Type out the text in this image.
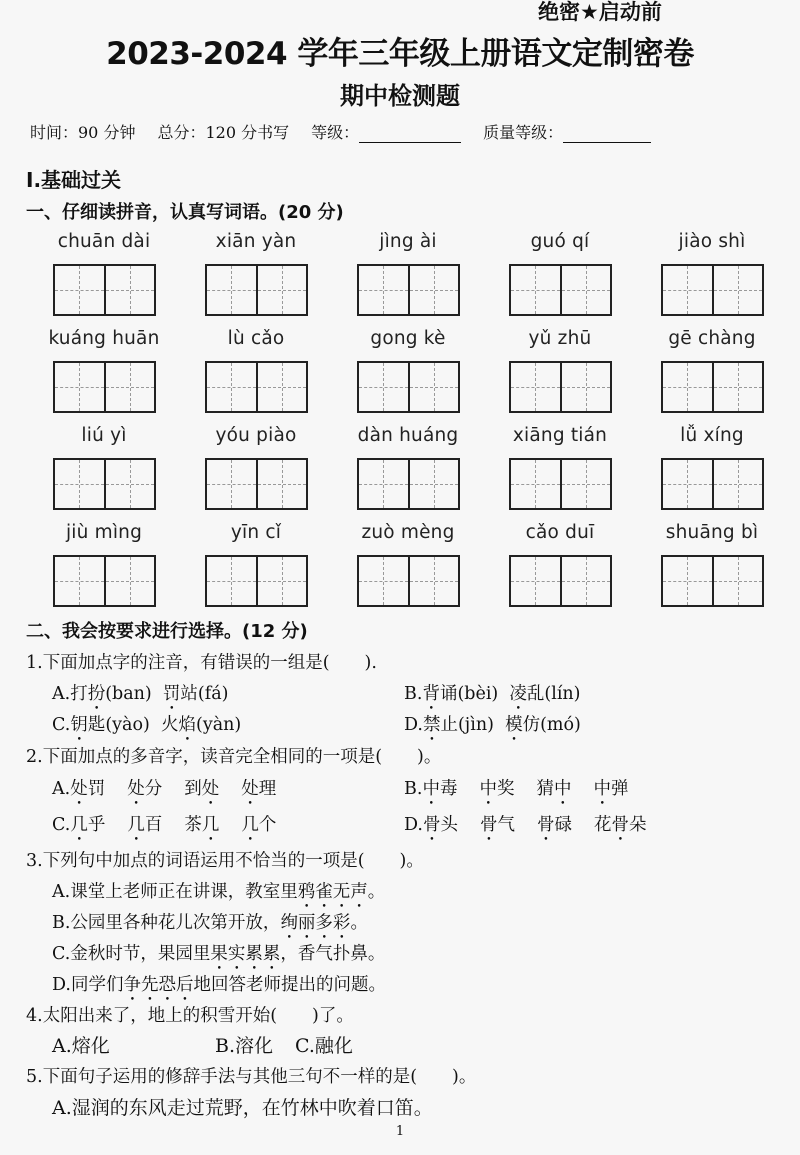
绝密★启动前
2023-2024 学年三年级上册语文定制密卷
期中检测题
时间：90 分钟 总分：120 分书写 等级：	质量等级：
Ⅰ.基础过关
一、仔细读拼音，认真写词语。(20 分)
chuān dài	xiān yàn	jìng ài	guó qí	jiào shì
kuáng huān	lù cǎo	gong kè	yǔ zhū	gē chàng
liú yì	yóu piào	dàn huáng	xiāng tián	lǚ xíng
jiù mìng	yīn cǐ	zuò mèng	cǎo duī	shuāng bì
二、我会按要求进行选择。(12 分)
1.下面加点字的注音，有错误的一组是(　　).
A.打扮(ban) 罚站(fá)	B.背诵(bèi) 凌乱(lín)
C.钥匙(yào) 火焰(yàn)	D.禁止(jìn) 模仿(mó)
2.下面加点的多音字，读音完全相同的一项是(　　)。
A.处罚 处分 到处 处理	B.中毒 中奖 猜中 中弹
C.几乎 几百 茶几 几个	D.骨头 骨气 骨碌 花骨朵
3.下列句中加点的词语运用不恰当的一项是(　　)。
A.课堂上老师正在讲课，教室里鸦雀无声。
B.公园里各种花儿次第开放，绚丽多彩。
C.金秋时节，果园里果实累累，香气扑鼻。
D.同学们争先恐后地回答老师提出的问题。
4.太阳出来了，地上的积雪开始(　　)了。
A.熔化	B.溶化 C.融化
5.下面句子运用的修辞手法与其他三句不一样的是(　　)。
A.湿润的东风走过荒野，在竹林中吹着口笛。
1
